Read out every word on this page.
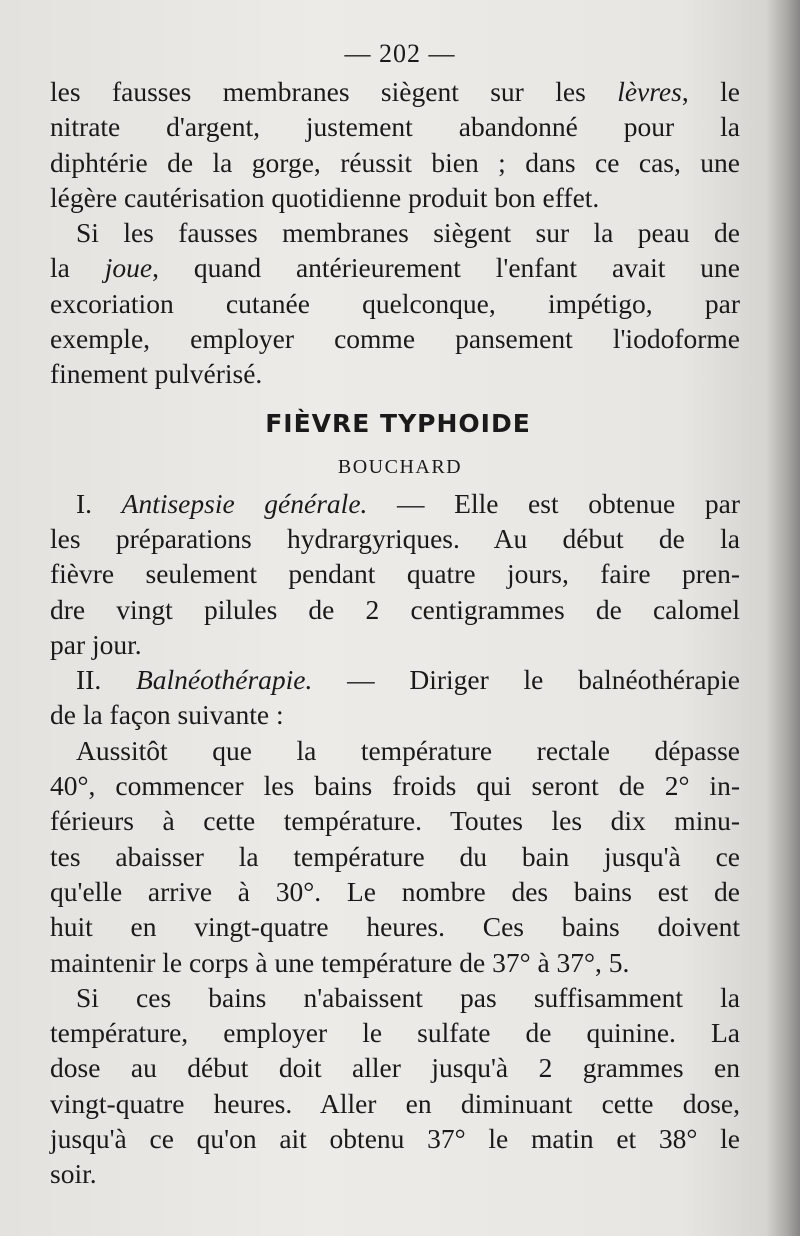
— 202 —

les fausses membranes siègent sur les lèvres, le
nitrate d'argent, justement abandonné pour la
diphtérie de la gorge, réussit bien ; dans ce cas, une
légère cautérisation quotidienne produit bon effet.

Si les fausses membranes siègent sur la peau de
la joue, quand antérieurement l'enfant avait une
excoriation cutanée quelconque, impétigo, par
exemple, employer comme pansement l'iodoforme
finement pulvérisé.

FIÈVRE TYPHOIDE
BOUCHARD

I. Antisepsie générale. — Elle est obtenue par
les préparations hydrargyriques. Au début de la
fièvre seulement pendant quatre jours, faire pren-
dre vingt pilules de 2 centigrammes de calomel
par jour.

II. Balnéothérapie. — Diriger le balnéothérapie
de la façon suivante :

Aussitôt que la température rectale dépasse
40°, commencer les bains froids qui seront de 2° in-
férieurs à cette température. Toutes les dix minu-
tes abaisser la température du bain jusqu'à ce
qu'elle arrive à 30°. Le nombre des bains est de
huit en vingt-quatre heures. Ces bains doivent
maintenir le corps à une température de 37° à 37°, 5.

Si ces bains n'abaissent pas suffisamment la
température, employer le sulfate de quinine. La
dose au début doit aller jusqu'à 2 grammes en
vingt-quatre heures. Aller en diminuant cette dose,
jusqu'à ce qu'on ait obtenu 37° le matin et 38° le
soir.
